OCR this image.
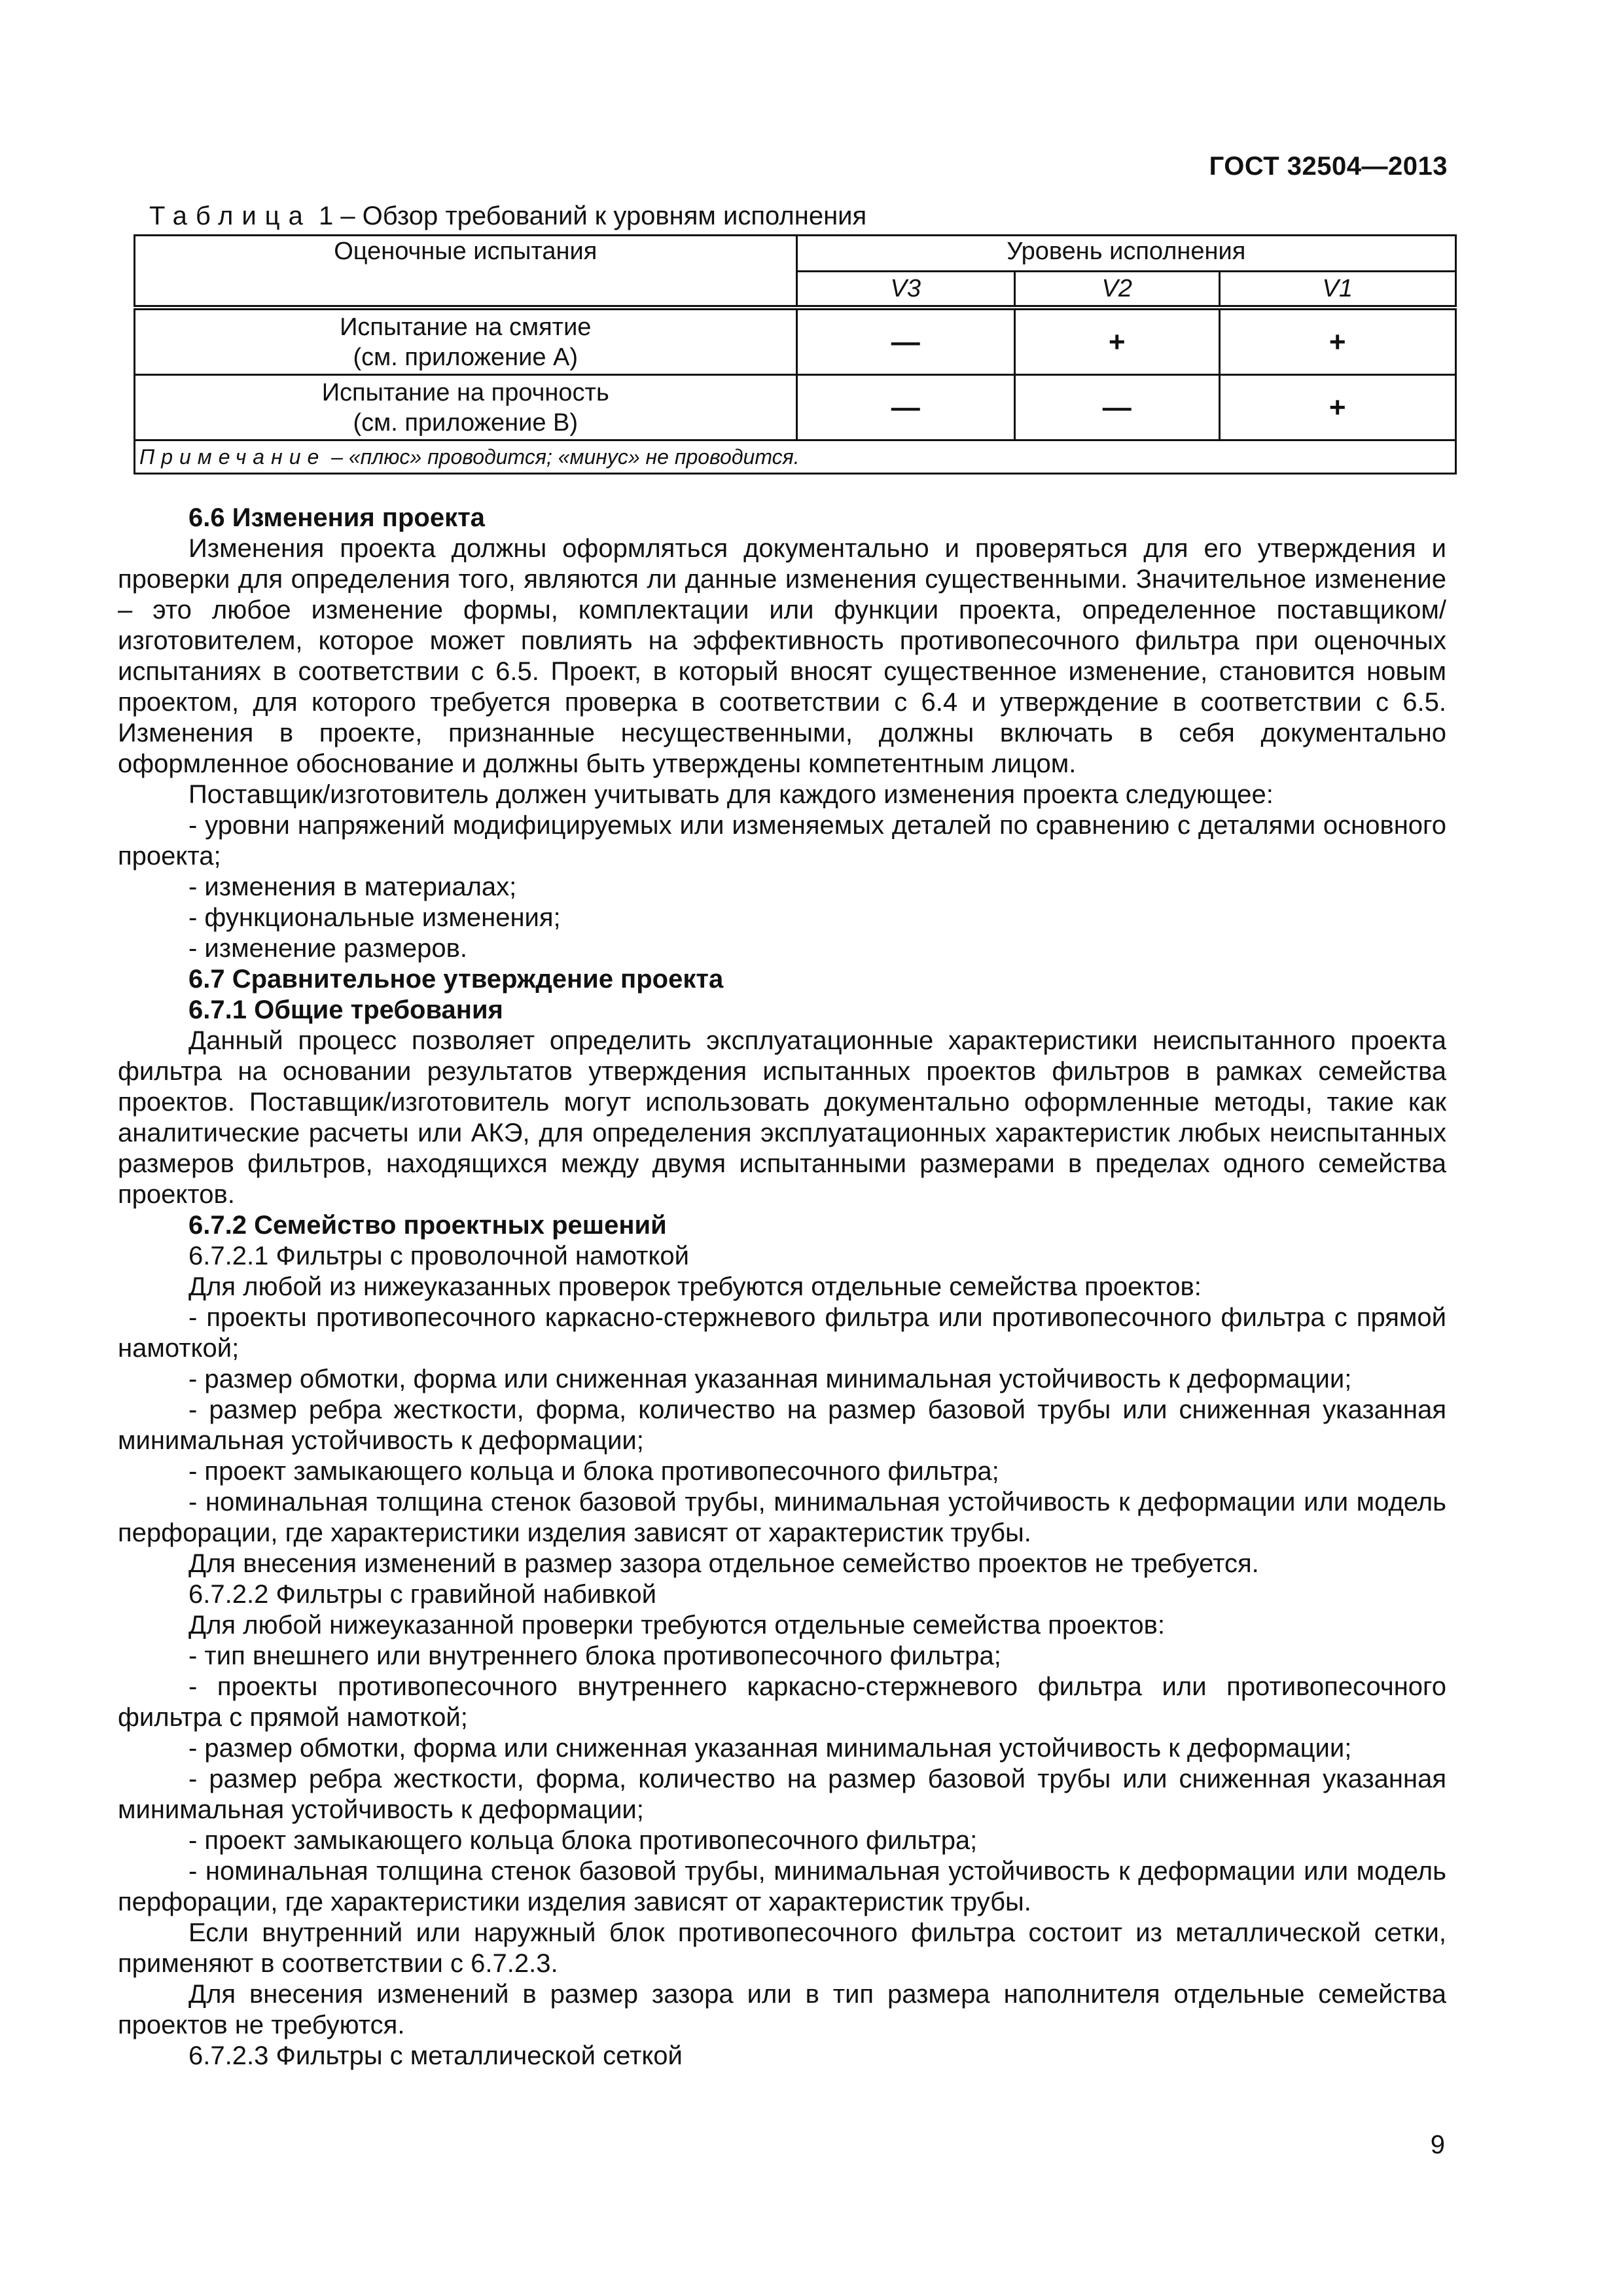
ГОСТ 32504—2013
Таблица 1 – Обзор требований к уровням исполнения
Оценочные испытания	Уровень исполнения		
	V3	V2	V1
Испытание на смятие
(см. приложение А)	—	+	+
Испытание на прочность
(см. приложение В)	—	—	+
Примечание – «плюс» проводится; «минус» не проводится.			

6.6 Изменения проекта

Изменения проекта должны оформляться документально и проверяться для его утверждения и проверки для определения того, являются ли данные изменения существенными. Значительное изменение – это любое изменение формы, комплектации или функции проекта, определенное поставщиком/изготовителем, которое может повлиять на эффективность противопесочного фильтра при оценочных испытаниях в соответствии с 6.5. Проект, в который вносят существенное изменение, становится новым проектом, для которого требуется проверка в соответствии с 6.4 и утверждение в соответствии с 6.5. Изменения в проекте, признанные несущественными, должны включать в себя документально оформленное обоснование и должны быть утверждены компетентным лицом.

Поставщик/изготовитель должен учитывать для каждого изменения проекта следующее:

- уровни напряжений модифицируемых или изменяемых деталей по сравнению с деталями основного проекта;

- изменения в материалах;

- функциональные изменения;

- изменение размеров.

6.7 Сравнительное утверждение проекта

6.7.1 Общие требования

Данный процесс позволяет определить эксплуатационные характеристики неиспытанного проекта фильтра на основании результатов утверждения испытанных проектов фильтров в рамках семейства проектов. Поставщик/изготовитель могут использовать документально оформленные методы, такие как аналитические расчеты или АКЭ, для определения эксплуатационных характеристик любых неиспытанных размеров фильтров, находящихся между двумя испытанными размерами в пределах одного семейства проектов.

6.7.2 Семейство проектных решений

6.7.2.1 Фильтры с проволочной намоткой

Для любой из нижеуказанных проверок требуются отдельные семейства проектов:

- проекты противопесочного каркасно-стержневого фильтра или противопесочного фильтра с прямой намоткой;

- размер обмотки, форма или сниженная указанная минимальная устойчивость к деформации;

- размер ребра жесткости, форма, количество на размер базовой трубы или сниженная указанная минимальная устойчивость к деформации;

- проект замыкающего кольца и блока противопесочного фильтра;

- номинальная толщина стенок базовой трубы, минимальная устойчивость к деформации или модель перфорации, где характеристики изделия зависят от характеристик трубы.

Для внесения изменений в размер зазора отдельное семейство проектов не требуется.

6.7.2.2 Фильтры с гравийной набивкой

Для любой нижеуказанной проверки требуются отдельные семейства проектов:

- тип внешнего или внутреннего блока противопесочного фильтра;

- проекты противопесочного внутреннего каркасно-стержневого фильтра или противопесочного фильтра с прямой намоткой;

- размер обмотки, форма или сниженная указанная минимальная устойчивость к деформации;

- размер ребра жесткости, форма, количество на размер базовой трубы или сниженная указанная минимальная устойчивость к деформации;

- проект замыкающего кольца блока противопесочного фильтра;

- номинальная толщина стенок базовой трубы, минимальная устойчивость к деформации или модель перфорации, где характеристики изделия зависят от характеристик трубы.

Если внутренний или наружный блок противопесочного фильтра состоит из металлической сетки, применяют в соответствии с 6.7.2.3.

Для внесения изменений в размер зазора или в тип размера наполнителя отдельные семейства проектов не требуются.

6.7.2.3 Фильтры с металлической сеткой

9
